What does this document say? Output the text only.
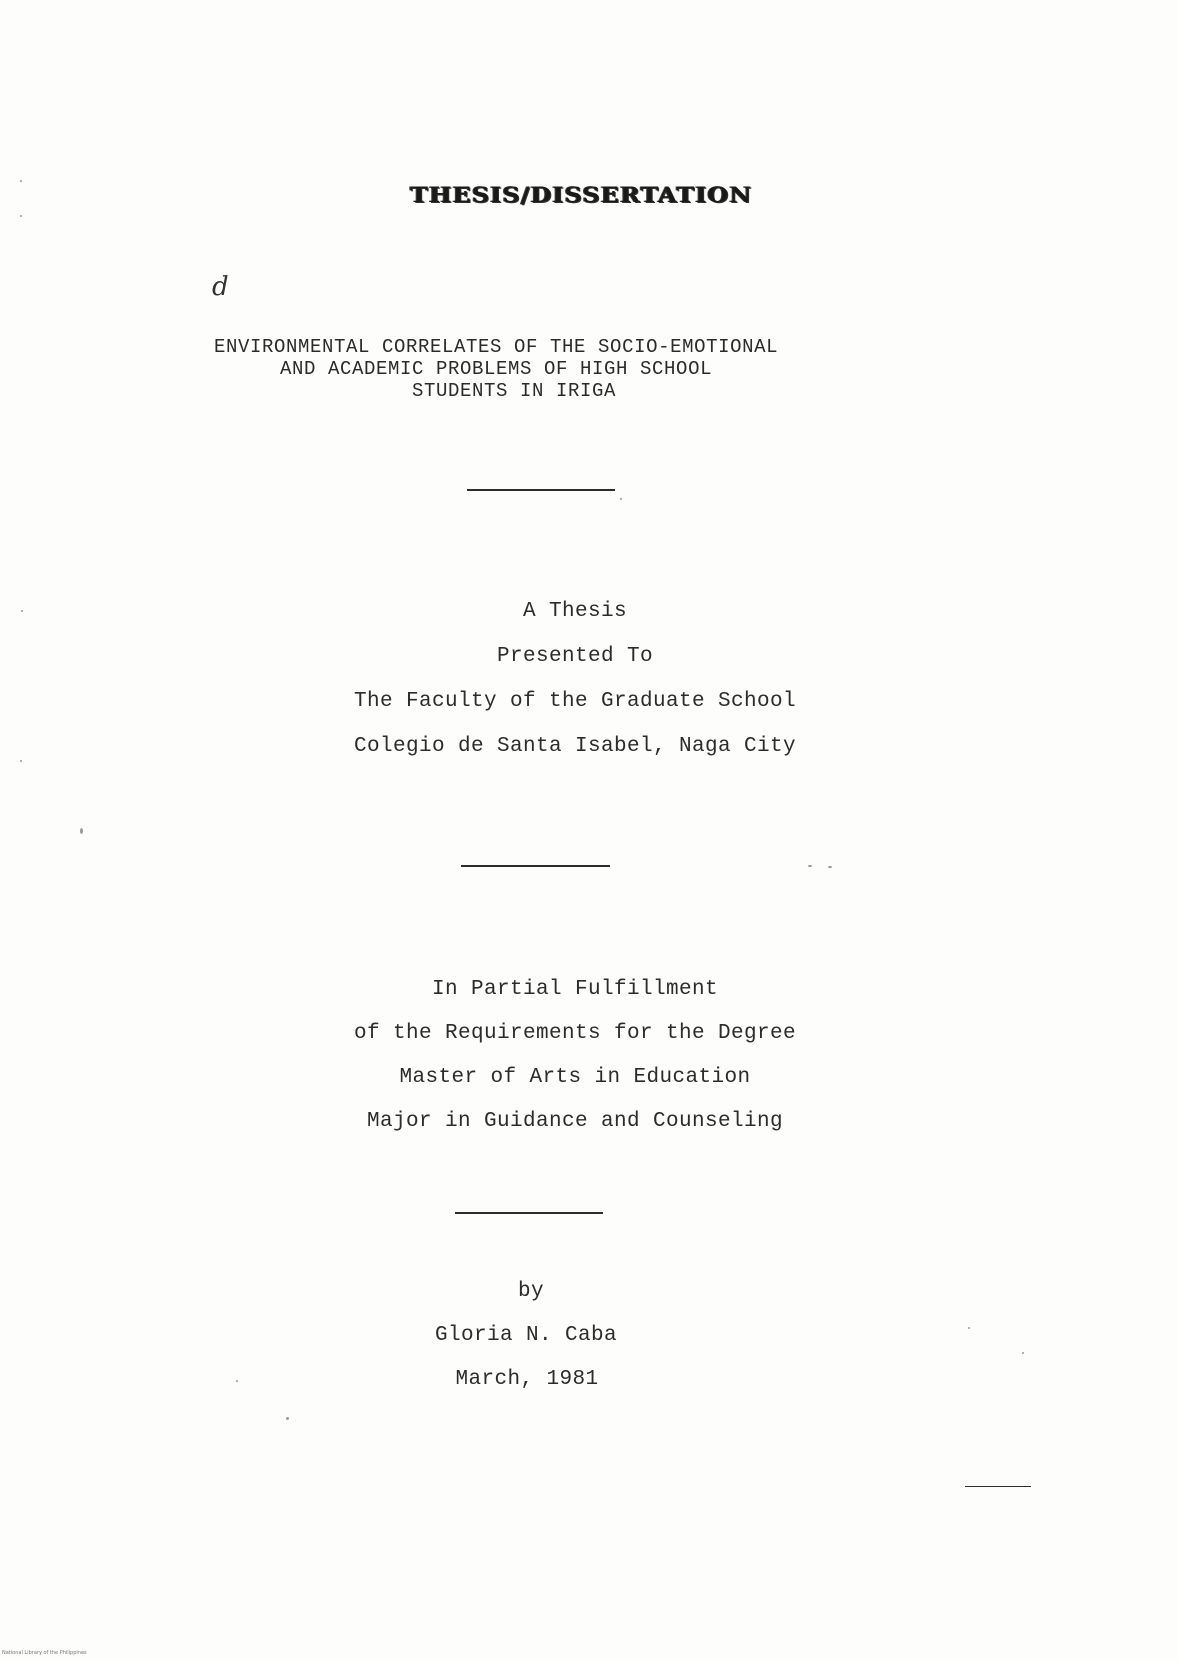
THESIS/DISSERTATION
d
ENVIRONMENTAL CORRELATES OF THE SOCIO-EMOTIONAL
AND ACADEMIC PROBLEMS OF HIGH SCHOOL
STUDENTS IN IRIGA
A Thesis
Presented To
The Faculty of the Graduate School
Colegio de Santa Isabel, Naga City
In Partial Fulfillment
of the Requirements for the Degree
Master of Arts in Education
Major in Guidance and Counseling
by
Gloria N. Caba
March, 1981
National Library of the Philippines
